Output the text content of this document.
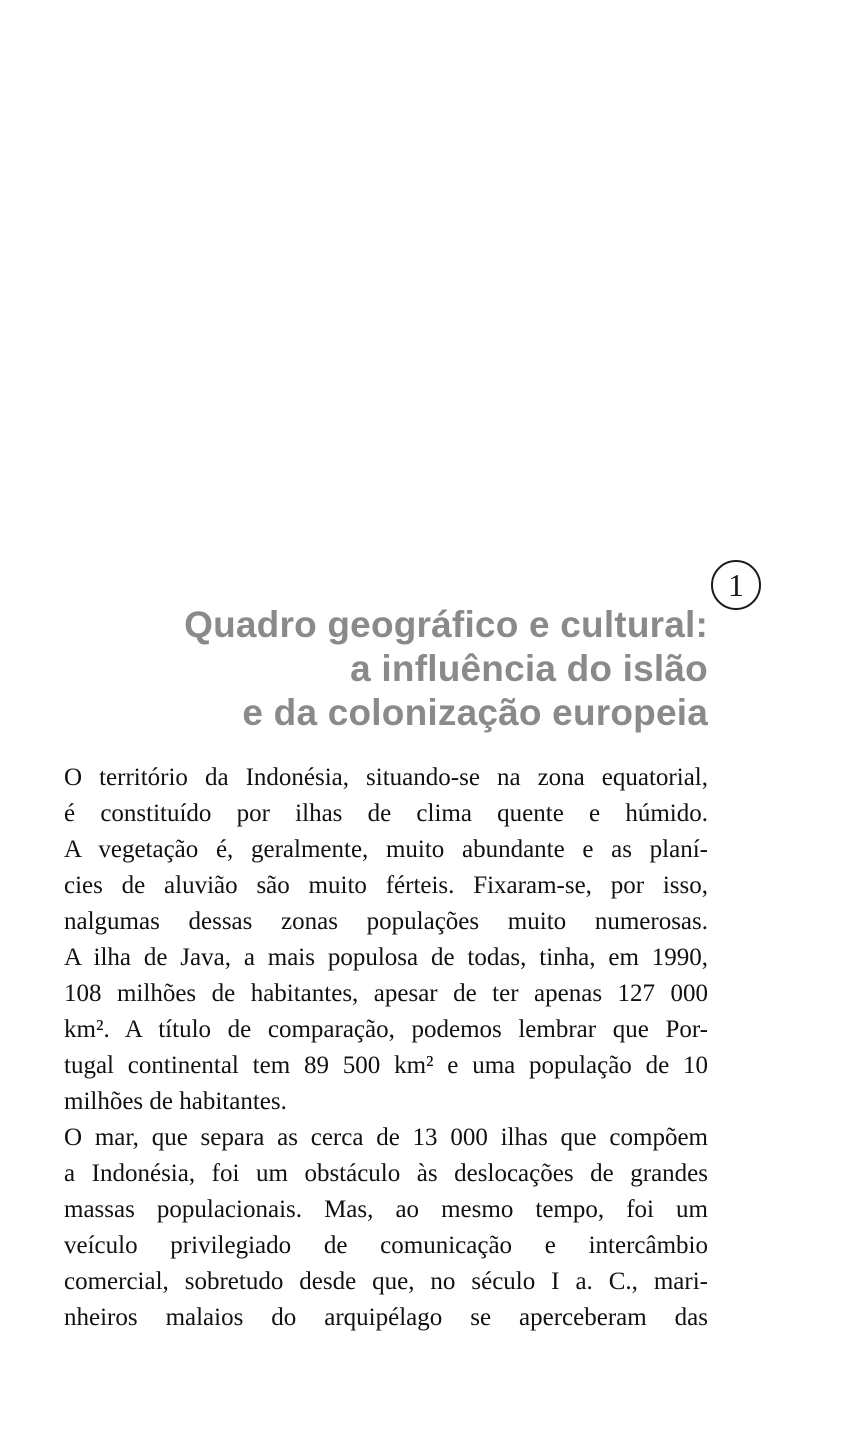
1
Quadro geográfico e cultural:
a influência do islão
e da colonização europeia
O território da Indonésia, situando-se na zona equatorial,
é constituído por ilhas de clima quente e húmido.
A vegetação é, geralmente, muito abundante e as planí-
cies de aluvião são muito férteis. Fixaram-se, por isso,
nalgumas dessas zonas populações muito numerosas.
A ilha de Java, a mais populosa de todas, tinha, em 1990,
108 milhões de habitantes, apesar de ter apenas 127 000
km². A título de comparação, podemos lembrar que Por-
tugal continental tem 89 500 km² e uma população de 10
milhões de habitantes.
O mar, que separa as cerca de 13 000 ilhas que compõem
a Indonésia, foi um obstáculo às deslocações de grandes
massas populacionais. Mas, ao mesmo tempo, foi um
veículo privilegiado de comunicação e intercâmbio
comercial, sobretudo desde que, no século I a. C., mari-
nheiros malaios do arquipélago se aperceberam das
